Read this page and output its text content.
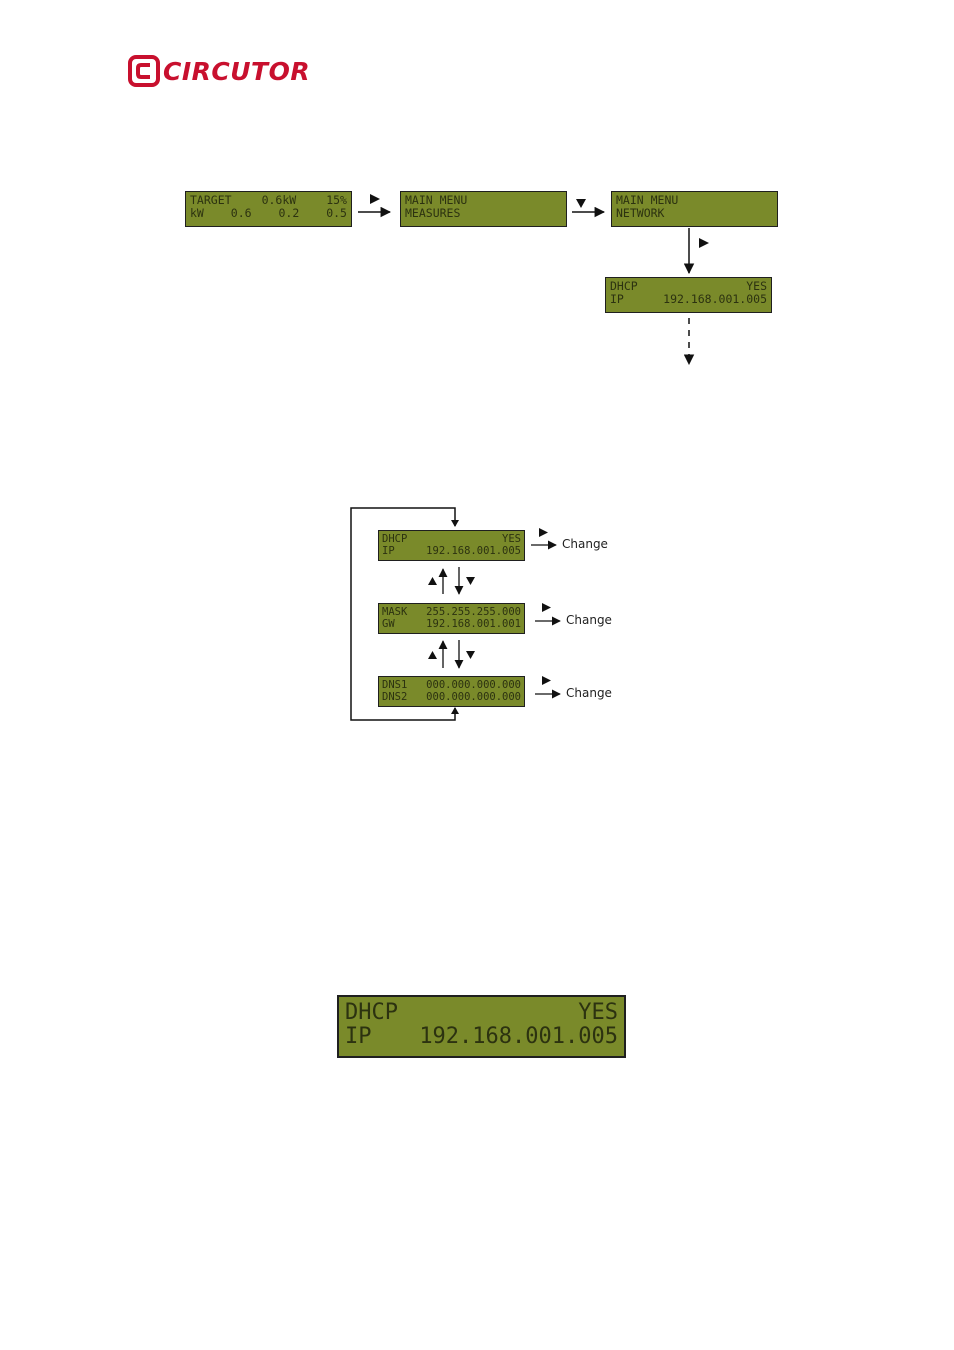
CIRCUTOR
TARGET	0.6kW	15%
kW 0.6 0.2 0.5
MAIN MENU
MEASURES
MAIN MENU
NETWORK
DHCP	YES
IP	192.168.001.005
DHCP	YES
IP	192.168.001.005	Change
MASK 255.255.255.000
GW	192.168.001.001	Change
DNS1 000.000.000.000
DNS2 000.000.000.000	Change
DHCP	YES
IP 192.168.001.005
